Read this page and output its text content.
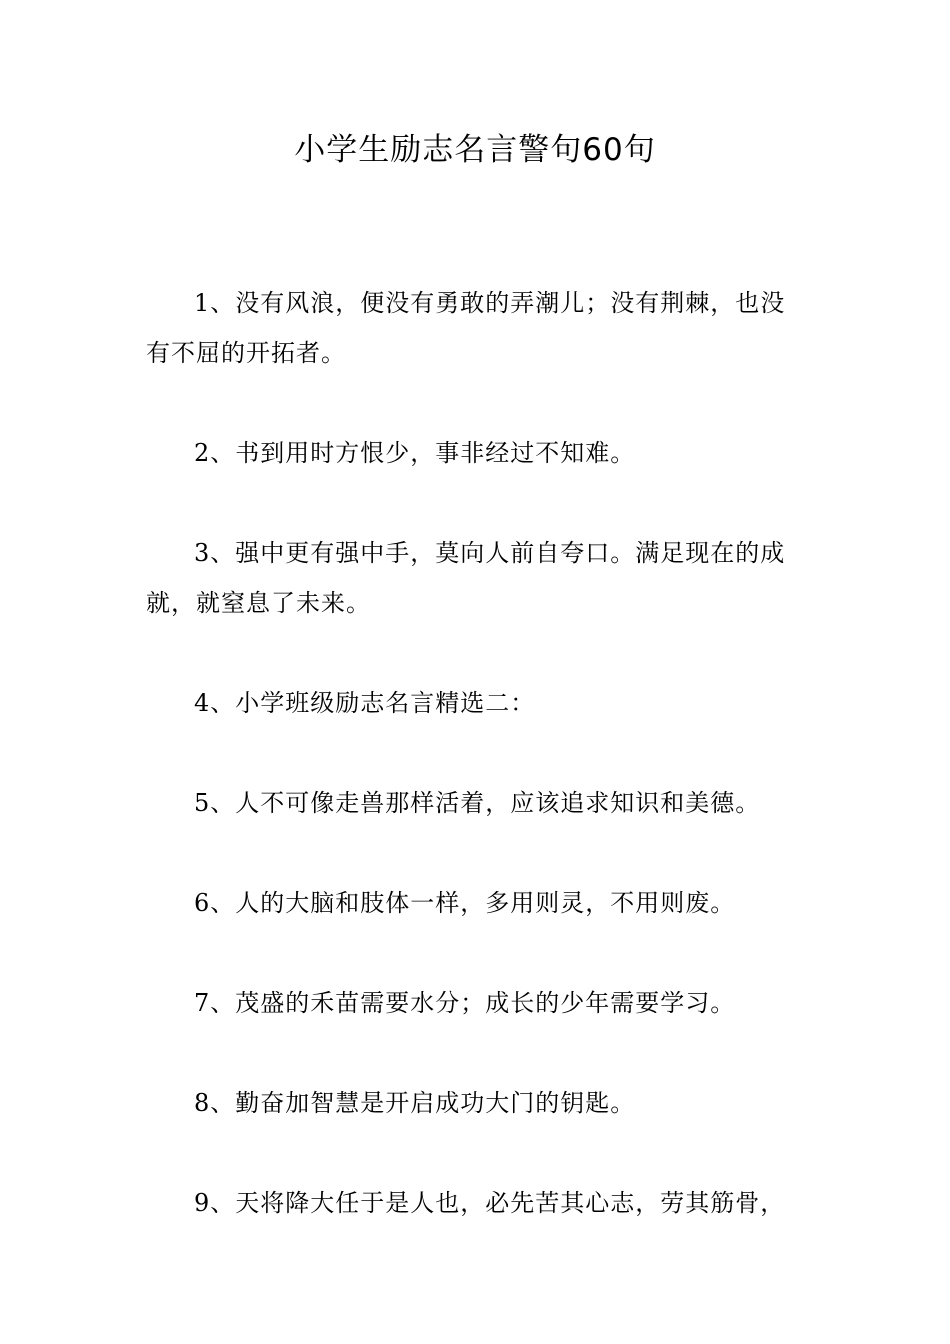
小学生励志名言警句60句

1、没有风浪，便没有勇敢的弄潮儿；没有荆棘，也没有不屈的开拓者。

2、书到用时方恨少，事非经过不知难。

3、强中更有强中手，莫向人前自夸口。满足现在的成就，就窒息了未来。

4、小学班级励志名言精选二：

5、人不可像走兽那样活着，应该追求知识和美德。

6、人的大脑和肢体一样，多用则灵，不用则废。

7、茂盛的禾苗需要水分；成长的少年需要学习。

8、勤奋加智慧是开启成功大门的钥匙。

9、天将降大任于是人也，必先苦其心志，劳其筋骨，
